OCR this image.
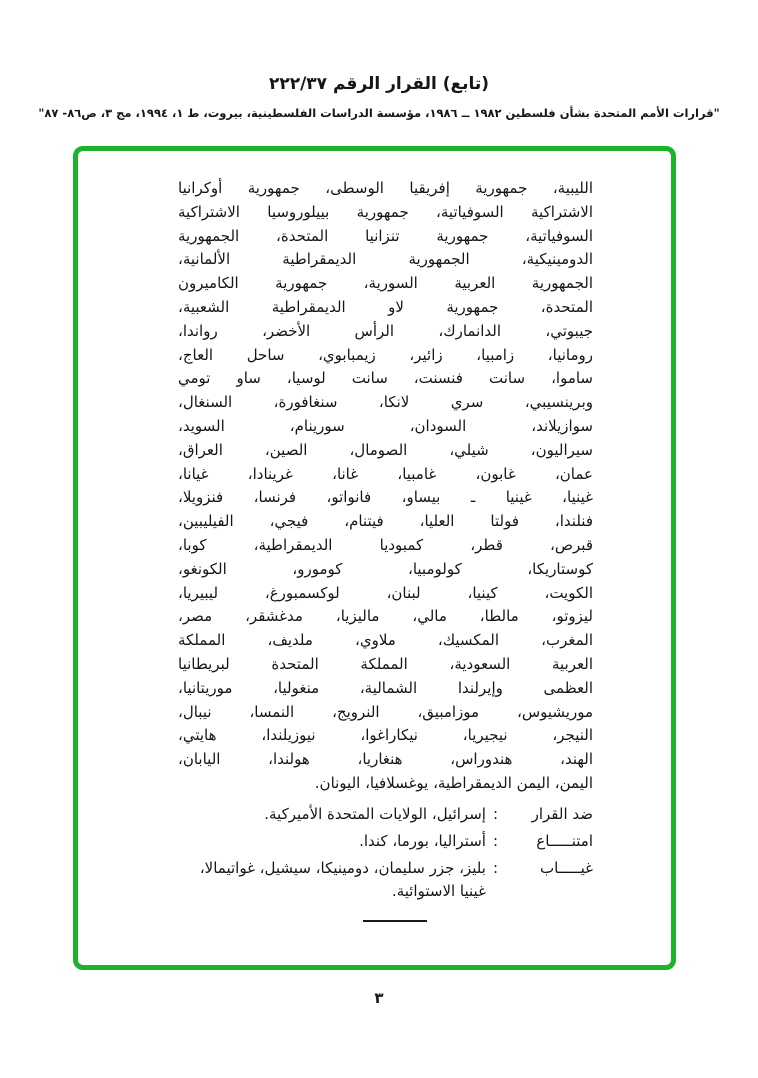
(تابع) القرار الرقم ٢٢٢/٣٧
"قرارات الأمم المتحدة بشأن فلسطين ١٩٨٢ ــ ١٩٨٦، مؤسسة الدراسات الفلسطينية، بيروت، ط ١، ١٩٩٤، مج ٣، ص٨٦- ٨٧"
الليبية، جمهورية إفريقيا الوسطى، جمهورية أوكرانيا
الاشتراكية السوفياتية، جمهورية بييلوروسيا الاشتراكية
السوفياتية، جمهورية تنزانيا المتحدة، الجمهورية
الدومينيكية، الجمهورية الديمقراطية الألمانية،
الجمهورية العربية السورية، جمهورية الكاميرون
المتحدة، جمهورية لاو الديمقراطية الشعبية،
جيبوتي، الدانمارك، الرأس الأخضر، رواندا،
رومانيا، زامبيا، زائير، زيمبابوي، ساحل العاج،
ساموا، سانت فنسنت، سانت لوسيا، ساو تومي
وبرينسيبي، سري لانكا، سنغافورة، السنغال،
سوازيلاند، السودان، سورينام، السويد،
سيراليون، شيلي، الصومال، الصين، العراق،
عمان، غابون، غامبيا، غانا، غرينادا، غيانا،
غينيا، غينيا ـ بيساو، فانواتو، فرنسا، فنزويلا،
فنلندا، فولتا العليا، فيتنام، فيجي، الفيليبين،
قبرص، قطر، كمبوديا الديمقراطية، كوبا،
كوستاريكا، كولومبيا، كومورو، الكونغو،
الكويت، كينيا، لبنان، لوكسمبورغ، ليبيريا،
ليزوتو، مالطا، مالي، ماليزيا، مدغشقر، مصر،
المغرب، المكسيك، ملاوي، ملديف، المملكة
العربية السعودية، المملكة المتحدة لبريطانيا
العظمى وإيرلندا الشمالية، منغوليا، موريتانيا،
موريشيوس، موزامبيق، النرويج، النمسا، نيبال،
النيجر، نيجيريا، نيكاراغوا، نيوزيلندا، هايتي،
الهند، هندوراس، هنغاريا، هولندا، اليابان،
اليمن، اليمن الديمقراطية، يوغسلافيا، اليونان.
ضد القرار
:
إسرائيل، الولايات المتحدة الأميركية.
امتنـــــاع
:
أستراليا، بورما، كندا.
غيـــــاب
:
بليز، جزر سليمان، دومينيكا، سيشيل، غواتيمالا،
غينيا الاستوائية.
٣
